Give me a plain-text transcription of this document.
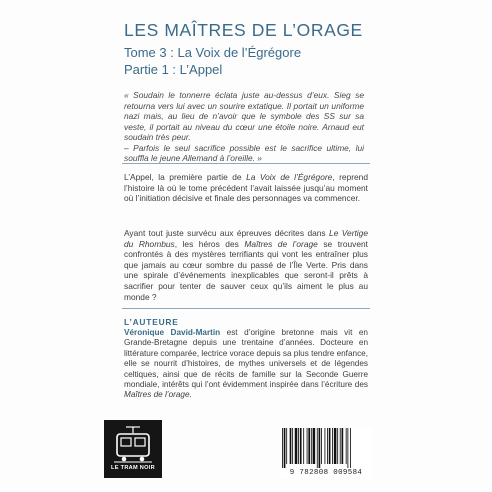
LES MAÎTRES DE L’ORAGE
Tome 3 : La Voix de l’Égrégore
Partie 1 : L’Appel

« Soudain le tonnerre éclata juste au-dessus d’eux. Sieg se retourna vers lui avec un sourire extatique. Il portait un uniforme nazi mais, au lieu de n’avoir que le symbole des SS sur sa veste, il portait au niveau du cœur une étoile noire. Arnaud eut soudain très peur.

– Parfois le seul sacrifice possible est le sacrifice ultime, lui souffla le jeune Allemand à l’oreille. »

L’Appel, la première partie de La Voix de l’Égrégore, reprend l’histoire là où le tome précédent l’avait laissée jusqu’au moment où l’initiation décisive et finale des personnages va commencer.
Ayant tout juste survécu aux épreuves décrites dans Le Vertige du Rhombus, les héros des Maîtres de l’orage se trouvent confrontés à des mystères terrifiants qui vont les entraîner plus que jamais au cœur sombre du passé de l’Île Verte. Pris dans une spirale d’événements inexplicables que seront-il prêts à sacrifier pour tenter de sauver ceux qu’ils aiment le plus au monde ?
L’AUTEURE
Véronique David-Martin est d’origine bretonne mais vit en Grande-Bretagne depuis une trentaine d’années. Docteure en littérature comparée, lectrice vorace depuis sa plus tendre enfance, elle se nourrit d’histoires, de mythes universels et de légendes celtiques, ainsi que de récits de famille sur la Seconde Guerre mondiale, intérêts qui l’ont évidemment inspirée dans l’écriture des Maîtres de l’orage.
LE TRAM NOIR
9 782808 009584
